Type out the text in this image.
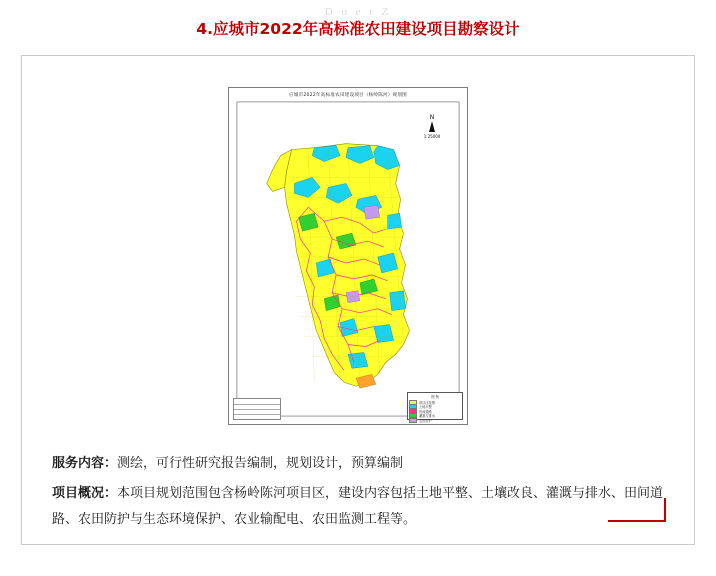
D o e r Z
4.应城市2022年高标准农田建设项目勘察设计
应城市2022年高标准农田建设项目（杨岭陈河）规划图
N
1:25000
图 例
项目区范围
土地平整
田间道路
灌溉与排水
农田防护
服务内容：测绘，可行性研究报告编制，规划设计，预算编制
项目概况：本项目规划范围包含杨岭陈河项目区，建设内容包括土地平整、土壤改良、灌溉与排水、田间道路、农田防护与生态环境保护、农业输配电、农田监测工程等。
